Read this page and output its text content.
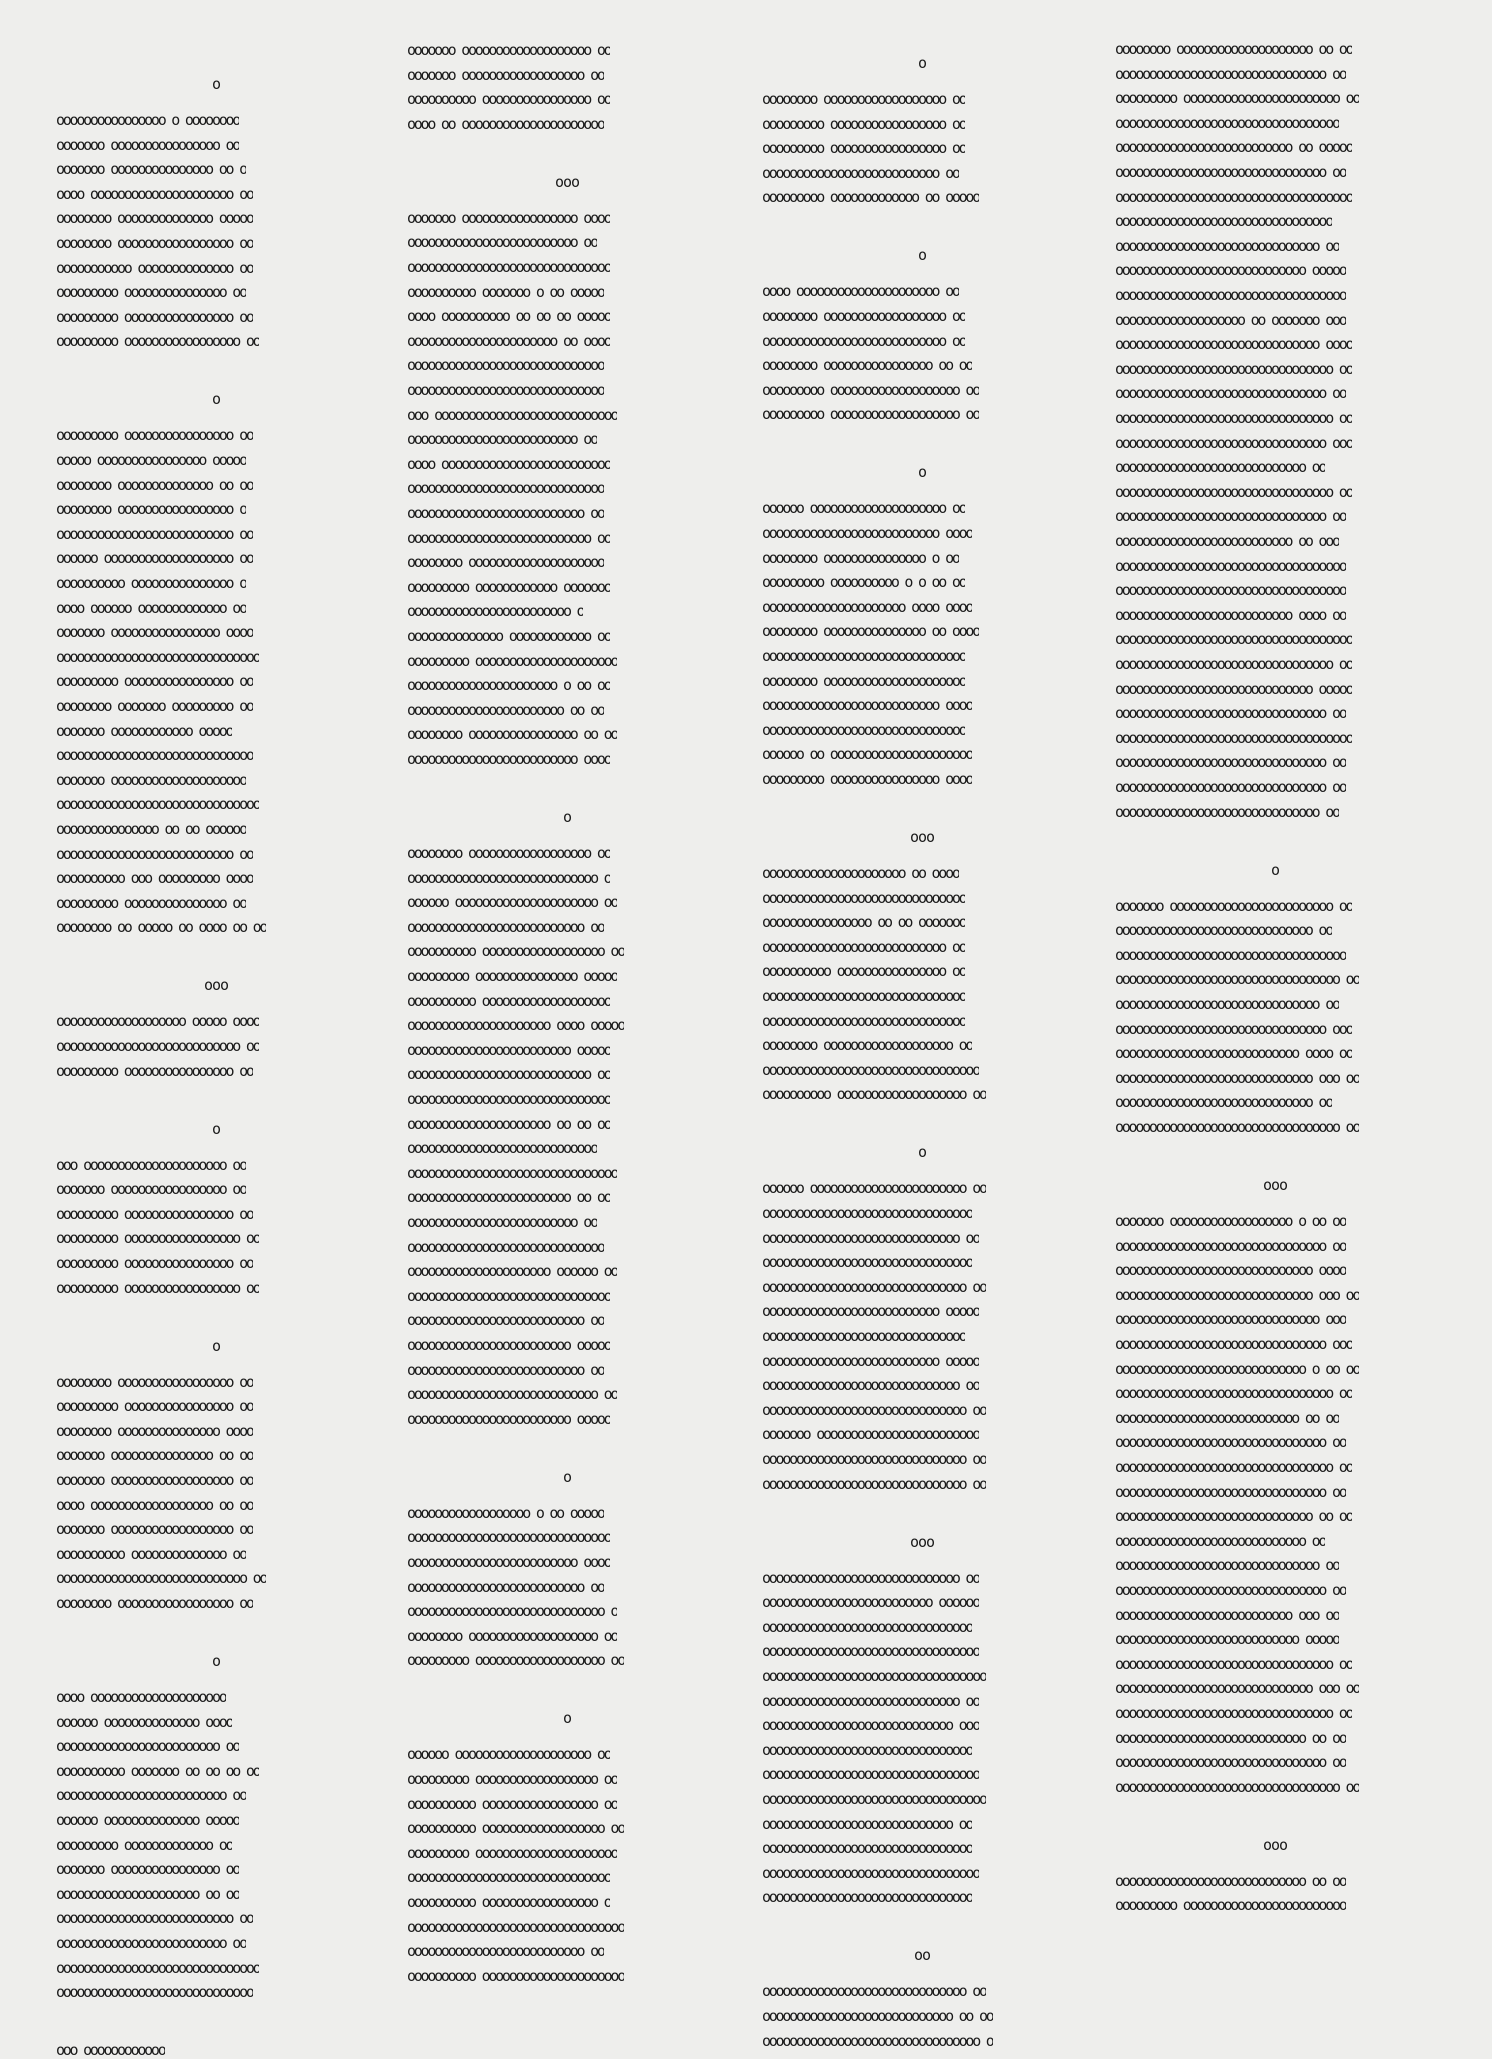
o
oooooooooooooooo o oooooooo
ooooooo oooooooooooooooo oo
ooooooo ooooooooooooooo oo o
oooo ooooooooooooooooooooo oo
oooooooo oooooooooooooo ooooo
oooooooo ooooooooooooooooo oo
ooooooooooo oooooooooooooo oo
ooooooooo ooooooooooooooo oo
ooooooooo oooooooooooooooo oo
ooooooooo ooooooooooooooooo oo
o
ooooooooo oooooooooooooooo oo
ooooo oooooooooooooooo ooooo
oooooooo oooooooooooooo oo oo
oooooooo ooooooooooooooooo o
oooooooooooooooooooooooooo oo
oooooo ooooooooooooooooooo oo
oooooooooo ooooooooooooooo o
oooo oooooo ooooooooooooo oo
ooooooo oooooooooooooooo oooo
oooooooooooooooooooooooooooooo
ooooooooo oooooooooooooooo oo
oooooooo ooooooo ooooooooo oo
ooooooo oooooooooooo ooooo
ooooooooooooooooooooooooooooo
ooooooo oooooooooooooooooooo
oooooooooooooooooooooooooooooo
ooooooooooooooo oo oo oooooo
oooooooooooooooooooooooooo oo
oooooooooo ooo ooooooooo oooo
ooooooooo ooooooooooooooo oo
oooooooo oo ooooo oo oooo oo oo
ooo
ooooooooooooooooooo ooooo oooo
ooooooooooooooooooooooooooo oo
ooooooooo oooooooooooooooo oo
o
ooo ooooooooooooooooooooo oo
ooooooo ooooooooooooooooo oo
ooooooooo oooooooooooooooo oo
ooooooooo ooooooooooooooooo oo
ooooooooo oooooooooooooooo oo
ooooooooo ooooooooooooooooo oo
o
oooooooo ooooooooooooooooo oo
ooooooooo oooooooooooooooo oo
oooooooo ooooooooooooooo oooo
ooooooo ooooooooooooooo oo oo
ooooooo oooooooooooooooooo oo
oooo oooooooooooooooooo oo oo
ooooooo oooooooooooooooooo oo
oooooooooo oooooooooooooo oo
oooooooooooooooooooooooooooo oo
oooooooo ooooooooooooooooo oo
o
oooo oooooooooooooooooooo
oooooo oooooooooooooo oooo
oooooooooooooooooooooooo oo
oooooooooo ooooooo oo oo oo oo
ooooooooooooooooooooooooo oo
oooooo oooooooooooooo ooooo
ooooooooo ooooooooooooo oo
ooooooo oooooooooooooooo oo
ooooooooooooooooooooo oo oo
oooooooooooooooooooooooooo oo
ooooooooooooooooooooooooo oo
oooooooooooooooooooooooooooooo
ooooooooooooooooooooooooooooo
ooo oooooooooooo
ooooooo ooooooooooooooooooo oo
ooooooo oooooooooooooooooo oo
oooooooooo oooooooooooooooo oo
oooo oo ooooooooooooooooooooo
ooo
ooooooo ooooooooooooooooo oooo
ooooooooooooooooooooooooo oo
oooooooooooooooooooooooooooooo
oooooooooo ooooooo o oo ooooo
oooo oooooooooo oo oo oo ooooo
oooooooooooooooooooooo oo oooo
ooooooooooooooooooooooooooooo
ooooooooooooooooooooooooooooo
ooo ooooooooooooooooooooooooooo
ooooooooooooooooooooooooo oo
oooo ooooooooooooooooooooooooo
ooooooooooooooooooooooooooooo
oooooooooooooooooooooooooo oo
ooooooooooooooooooooooooooo oo
oooooooo oooooooooooooooooooo
ooooooooo oooooooooooo ooooooo
oooooooooooooooooooooooo o
oooooooooooooo oooooooooooo oo
ooooooooo ooooooooooooooooooooo
oooooooooooooooooooooo o oo oo
ooooooooooooooooooooooo oo oo
oooooooo oooooooooooooooo oo oo
ooooooooooooooooooooooooo oooo
o
oooooooo oooooooooooooooooo oo
oooooooooooooooooooooooooooo o
oooooo ooooooooooooooooooooo oo
oooooooooooooooooooooooooo oo
oooooooooo oooooooooooooooooo oo
ooooooooo ooooooooooooooo ooooo
oooooooooo ooooooooooooooooooo
ooooooooooooooooooooo oooo ooooo
oooooooooooooooooooooooo ooooo
ooooooooooooooooooooooooooo oo
oooooooooooooooooooooooooooooo
ooooooooooooooooooooo oo oo oo
oooooooooooooooooooooooooooo
ooooooooooooooooooooooooooooooo
oooooooooooooooooooooooo oo oo
ooooooooooooooooooooooooo oo
ooooooooooooooooooooooooooooo
ooooooooooooooooooooo oooooo oo
oooooooooooooooooooooooooooooo
oooooooooooooooooooooooooo oo
oooooooooooooooooooooooo ooooo
oooooooooooooooooooooooooo oo
oooooooooooooooooooooooooooo oo
oooooooooooooooooooooooo ooooo
o
oooooooooooooooooo o oo ooooo
oooooooooooooooooooooooooooooo
ooooooooooooooooooooooooo oooo
oooooooooooooooooooooooooo oo
ooooooooooooooooooooooooooooo o
oooooooo ooooooooooooooooooo oo
ooooooooo ooooooooooooooooooo oo
o
oooooo oooooooooooooooooooo oo
ooooooooo oooooooooooooooooo oo
oooooooooo ooooooooooooooooo oo
oooooooooo oooooooooooooooooo oo
ooooooooo ooooooooooooooooooooo
oooooooooooooooooooooooooooooo
oooooooooo ooooooooooooooooo o
oooooooooooooooooooooooooooooooo
oooooooooooooooooooooooooo oo
oooooooooo ooooooooooooooooooooo
o
oooooooo oooooooooooooooooo oo
ooooooooo ooooooooooooooooo oo
ooooooooo ooooooooooooooooo oo
oooooooooooooooooooooooooo oo
ooooooooo ooooooooooooo oo ooooo
o
oooo ooooooooooooooooooooo oo
oooooooo oooooooooooooooooo oo
ooooooooooooooooooooooooooo oo
oooooooo oooooooooooooooo oo oo
ooooooooo ooooooooooooooooooo oo
ooooooooo ooooooooooooooooooo oo
o
oooooo oooooooooooooooooooo oo
oooooooooooooooooooooooooo oooo
oooooooo ooooooooooooooo o oo
ooooooooo oooooooooo o o oo oo
ooooooooooooooooooooo oooo oooo
oooooooo ooooooooooooooo oo oooo
oooooooooooooooooooooooooooooo
oooooooo ooooooooooooooooooooo
oooooooooooooooooooooooooo oooo
oooooooooooooooooooooooooooooo
oooooo oo ooooooooooooooooooooo
ooooooooo oooooooooooooooo oooo
ooo
ooooooooooooooooooooo oo oooo
oooooooooooooooooooooooooooooo
oooooooooooooooo oo oo ooooooo
ooooooooooooooooooooooooooo oo
oooooooooo oooooooooooooooo oo
oooooooooooooooooooooooooooooo
oooooooooooooooooooooooooooooo
oooooooo ooooooooooooooooooo oo
oooooooooooooooooooooooooooooooo
oooooooooo ooooooooooooooooooo oo
o
oooooo ooooooooooooooooooooooo oo
ooooooooooooooooooooooooooooooo
ooooooooooooooooooooooooooooo oo
ooooooooooooooooooooooooooooooo
oooooooooooooooooooooooooooooo oo
oooooooooooooooooooooooooo ooooo
oooooooooooooooooooooooooooooo
oooooooooooooooooooooooooo ooooo
ooooooooooooooooooooooooooooo oo
oooooooooooooooooooooooooooooo oo
ooooooo oooooooooooooooooooooooo
oooooooooooooooooooooooooooooo oo
oooooooooooooooooooooooooooooo oo
ooo
ooooooooooooooooooooooooooooo oo
ooooooooooooooooooooooooo oooooo
ooooooooooooooooooooooooooooooo
oooooooooooooooooooooooooooooooo
ooooooooooooooooooooooooooooooooo
ooooooooooooooooooooooooooooo oo
oooooooooooooooooooooooooooo ooo
ooooooooooooooooooooooooooooooo
oooooooooooooooooooooooooooooooo
ooooooooooooooooooooooooooooooooo
oooooooooooooooooooooooooooo oo
ooooooooooooooooooooooooooooooo
oooooooooooooooooooooooooooooooo
ooooooooooooooooooooooooooooooo
oo
oooooooooooooooooooooooooooooo oo
oooooooooooooooooooooooooooo oo oo
oooooooooooooooooooooooooooooooo o
oooooooo oooooooooooooooooooo oo oo
ooooooooooooooooooooooooooooooo oo
ooooooooo ooooooooooooooooooooooo oo
ooooooooooooooooooooooooooooooooo
oooooooooooooooooooooooooo oo ooooo
ooooooooooooooooooooooooooooooo oo
ooooooooooooooooooooooooooooooooooo
oooooooooooooooooooooooooooooooo
oooooooooooooooooooooooooooooo oo
oooooooooooooooooooooooooooo ooooo
oooooooooooooooooooooooooooooooooo
ooooooooooooooooooo oo ooooooo ooo
oooooooooooooooooooooooooooooo oooo
oooooooooooooooooooooooooooooooo oo
ooooooooooooooooooooooooooooooo oo
oooooooooooooooooooooooooooooooo oo
ooooooooooooooooooooooooooooooo ooo
oooooooooooooooooooooooooooo oo
oooooooooooooooooooooooooooooooo oo
ooooooooooooooooooooooooooooooo oo
oooooooooooooooooooooooooo oo ooo
oooooooooooooooooooooooooooooooooo
oooooooooooooooooooooooooooooooooo
oooooooooooooooooooooooooo oooo oo
ooooooooooooooooooooooooooooooooooo
oooooooooooooooooooooooooooooooo oo
ooooooooooooooooooooooooooooo ooooo
ooooooooooooooooooooooooooooooo oo
ooooooooooooooooooooooooooooooooooo
ooooooooooooooooooooooooooooooo oo
ooooooooooooooooooooooooooooooo oo
oooooooooooooooooooooooooooooo oo
o
ooooooo oooooooooooooooooooooooo oo
ooooooooooooooooooooooooooooo oo
oooooooooooooooooooooooooooooooooo
ooooooooooooooooooooooooooooooooo oo
oooooooooooooooooooooooooooooo oo
ooooooooooooooooooooooooooooooo ooo
ooooooooooooooooooooooooooo oooo oo
ooooooooooooooooooooooooooooo ooo oo
ooooooooooooooooooooooooooooo oo
ooooooooooooooooooooooooooooooooo oo
ooo
ooooooo oooooooooooooooooo o oo oo
ooooooooooooooooooooooooooooooo oo
ooooooooooooooooooooooooooooo oooo
ooooooooooooooooooooooooooooo ooo oo
oooooooooooooooooooooooooooooo ooo
ooooooooooooooooooooooooooooooo ooo
oooooooooooooooooooooooooooo o oo oo
oooooooooooooooooooooooooooooooo oo
ooooooooooooooooooooooooooo oo oo
ooooooooooooooooooooooooooooooo oo
oooooooooooooooooooooooooooooooo oo
ooooooooooooooooooooooooooooooo oo
ooooooooooooooooooooooooooooo oo oo
oooooooooooooooooooooooooooo oo
oooooooooooooooooooooooooooooo oo
ooooooooooooooooooooooooooooooo oo
oooooooooooooooooooooooooo ooo oo
ooooooooooooooooooooooooooo ooooo
oooooooooooooooooooooooooooooooo oo
ooooooooooooooooooooooooooooo ooo oo
oooooooooooooooooooooooooooooooo oo
oooooooooooooooooooooooooooo oo oo
ooooooooooooooooooooooooooooooo oo
ooooooooooooooooooooooooooooooooo oo
ooo
oooooooooooooooooooooooooooo oo oo
ooooooooo oooooooooooooooooooooooo
